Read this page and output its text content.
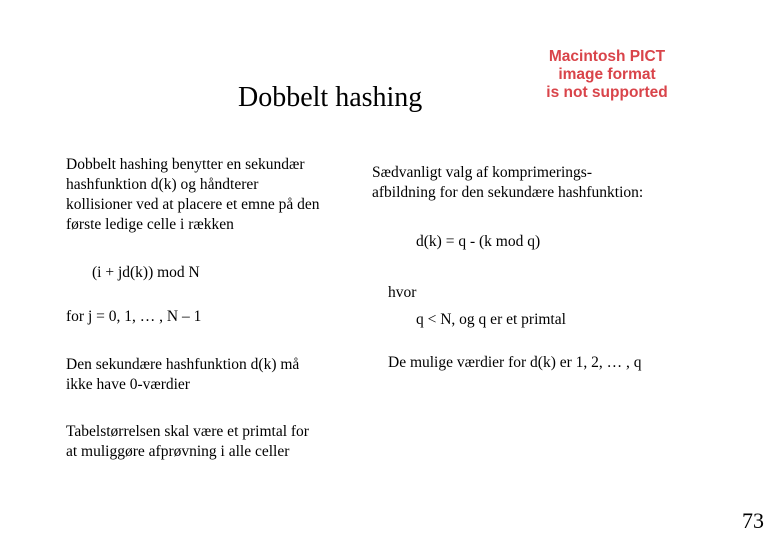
Dobbelt hashing
Macintosh PICT
image format
is not supported
Dobbelt hashing benytter en sekundær
hashfunktion d(k) og håndterer
kollisioner ved at placere et emne på den
første ledige celle i rækken
(i + jd(k)) mod N
for j = 0, 1, … , N – 1
Den sekundære hashfunktion d(k) må
ikke have 0-værdier
Tabelstørrelsen skal være et primtal for
at muliggøre afprøvning i alle celler
Sædvanligt valg af komprimerings-
afbildning for den sekundære hashfunktion:
d(k) = q - (k mod q)
hvor
q < N, og q er et primtal
De mulige værdier for d(k) er 1, 2, … , q
73
